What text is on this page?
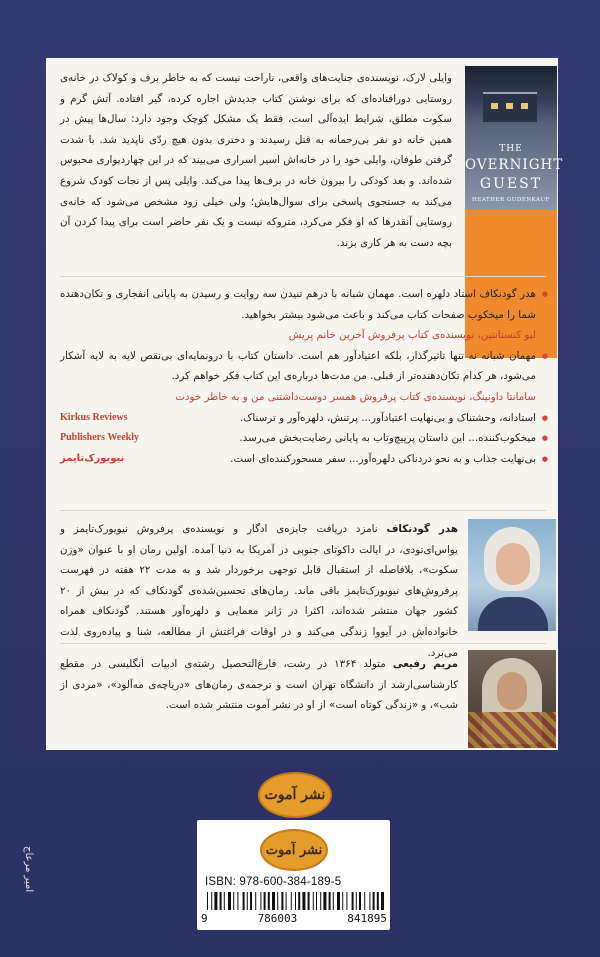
THE
OVERNIGHT
GUEST
HEATHER GUDENKAUF
وایلی لارک، نویسنده‌ی جنایت‌های واقعی، ناراحت نیست که به خاطر برف و کولاک در خانه‌ی روستایی دورافتاده‌ای که برای نوشتن کتاب جدیدش اجاره کرده، گیر افتاده. آتش گرم و سکوت مطلق، شرایط ایده‌آلی است، فقط یک مشکل کوچک وجود دارد: سال‌ها پیش در همین خانه دو نفر بی‌رحمانه به قتل رسیدند و دختری بدون هیچ ردّی ناپدید شد. با شدت گرفتن طوفان، وایلی خود را در خانه‌اش اسیر اسراری می‌بیند که در این چهاردیواری محبوس شده‌اند. و بعد کودکی را بیرون خانه در برف‌ها پیدا می‌کند. وایلی پس از نجات کودک شروع می‌کند به جستجوی پاسخی برای سوال‌هایش؛ ولی خیلی زود مشخص می‌شود که خانه‌ی روستایی آنقدرها که او فکر می‌کرد، متروکه نیست و یک نفر حاضر است برای پیدا کردن آن بچه دست به هر کاری بزند.
● هدر گودنکاف استاد دلهره است. مهمان شبانه با درهم تنیدن سه روایت و رسیدن به پایانی انفجاری و تکان‌دهنده شما را میخکوب صفحات کتاب می‌کند و باعث می‌شود بیشتر بخواهید.
لیو کنستانتین، نویسنده‌ی کتاب پرفروش آخرین خانم پریش
● مهمان شبانه نه تنها تاثیرگذار، بلکه اعتیادآور هم است. داستان کتاب با درونمایه‌ای بی‌نقص لایه به لایه آشکار می‌شود، هر کدام تکان‌دهنده‌تر از قبلی. من مدت‌ها درباره‌ی این کتاب فکر خواهم کرد.
سامانتا داونینگ، نویسنده‌ی کتاب پرفروش همسر دوست‌داشتنی من و به خاطر خودت
● استادانه، وحشتناک و بی‌نهایت اعتیادآور... پرتنش، دلهره‌آور و ترسناک.
Kirkus Reviews
● میخکوب‌کننده... این داستان پرپیچ‌وتاب به پایانی رضایت‌بخش می‌رسد.
Publishers Weekly
● بی‌نهایت جذاب و به نحو دردناکی دلهره‌آور... سفر مسحورکننده‌ای است.
نیویورک‌تایمز
هدر گودنکاف نامزد دریافت جایزه‌ی ادگار و نویسنده‌ی پرفروش نیویورک‌تایمز و یواس‌ای‌تودی، در ایالت داکوتای جنوبی در آمریکا به دنیا آمده. اولین رمان او با عنوان «وزن سکوت»، بلافاصله از استقبال قابل توجهی برخوردار شد و به مدت ۲۲ هفته در فهرست پرفروش‌های نیویورک‌تایمز باقی ماند. رمان‌های تحسین‌شده‌ی گودنکاف که در بیش از ۲۰ کشور جهان منتشر شده‌اند، اکثرا در ژانر معمایی و دلهره‌آور هستند. گودنکاف همراه خانواده‌اش در آیووا زندگی می‌کند و در اوقات فراغتش از مطالعه، شنا و پیاده‌روی لذت می‌برد.
مریم رفیعی متولد ۱۳۶۴ در رشت، فارغ‌التحصیل رشته‌ی ادبیات انگلیسی در مقطع کارشناسی‌ارشد از دانشگاه تهران است و ترجمه‌ی رمان‌های «دریاچه‌ی مه‌آلود»، «مردی از شب»، و «زندگی کوتاه است» از او در نشر آموت منتشر شده است.
نشر آموت
نشر آموت
ISBN: 978-600-384-189-5
9	786003	841895
امیر مرعاج
